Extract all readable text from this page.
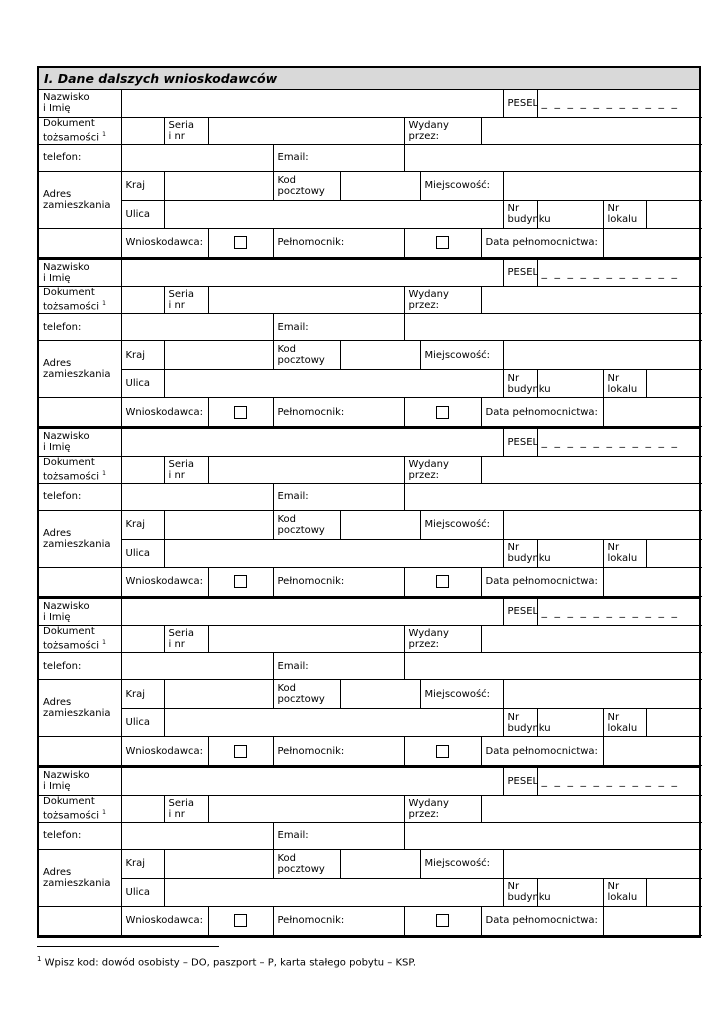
I. Dane dalszych wnioskodawców
Nazwisko
i Imię									PESEL	_ _ _ _ _ _ _ _ _ _ _		
Dokument
tożsamości $^1$		Seria
i nr				Wydany
przez:						
telefon:				Email:								
Adres
zamieszkania	Kraj			Kod
pocztowy			Miejscowość:					
	Ulica								Nr
budynku		Nr
lokalu	
	Wnioskodawca:			Pełnomocnik:				Data pełnomocnictwa:				
Nazwisko
i Imię									PESEL	_ _ _ _ _ _ _ _ _ _ _		
Dokument
tożsamości $^1$		Seria
i nr				Wydany
przez:						
telefon:				Email:								
Adres
zamieszkania	Kraj			Kod
pocztowy			Miejscowość:					
	Ulica								Nr
budynku		Nr
lokalu	
	Wnioskodawca:			Pełnomocnik:				Data pełnomocnictwa:				
Nazwisko
i Imię									PESEL	_ _ _ _ _ _ _ _ _ _ _		
Dokument
tożsamości $^1$		Seria
i nr				Wydany
przez:						
telefon:				Email:								
Adres
zamieszkania	Kraj			Kod
pocztowy			Miejscowość:					
	Ulica								Nr
budynku		Nr
lokalu	
	Wnioskodawca:			Pełnomocnik:				Data pełnomocnictwa:				
Nazwisko
i Imię									PESEL	_ _ _ _ _ _ _ _ _ _ _		
Dokument
tożsamości $^1$		Seria
i nr				Wydany
przez:						
telefon:				Email:								
Adres
zamieszkania	Kraj			Kod
pocztowy			Miejscowość:					
	Ulica								Nr
budynku		Nr
lokalu	
	Wnioskodawca:			Pełnomocnik:				Data pełnomocnictwa:				
Nazwisko
i Imię									PESEL	_ _ _ _ _ _ _ _ _ _ _		
Dokument
tożsamości $^1$		Seria
i nr				Wydany
przez:						
telefon:				Email:								
Adres
zamieszkania	Kraj			Kod
pocztowy			Miejscowość:					
	Ulica								Nr
budynku		Nr
lokalu	
	Wnioskodawca:			Pełnomocnik:				Data pełnomocnictwa:				
$^1$ Wpisz kod: dowód osobisty – DO, paszport – P, karta stałego pobytu – KSP.
